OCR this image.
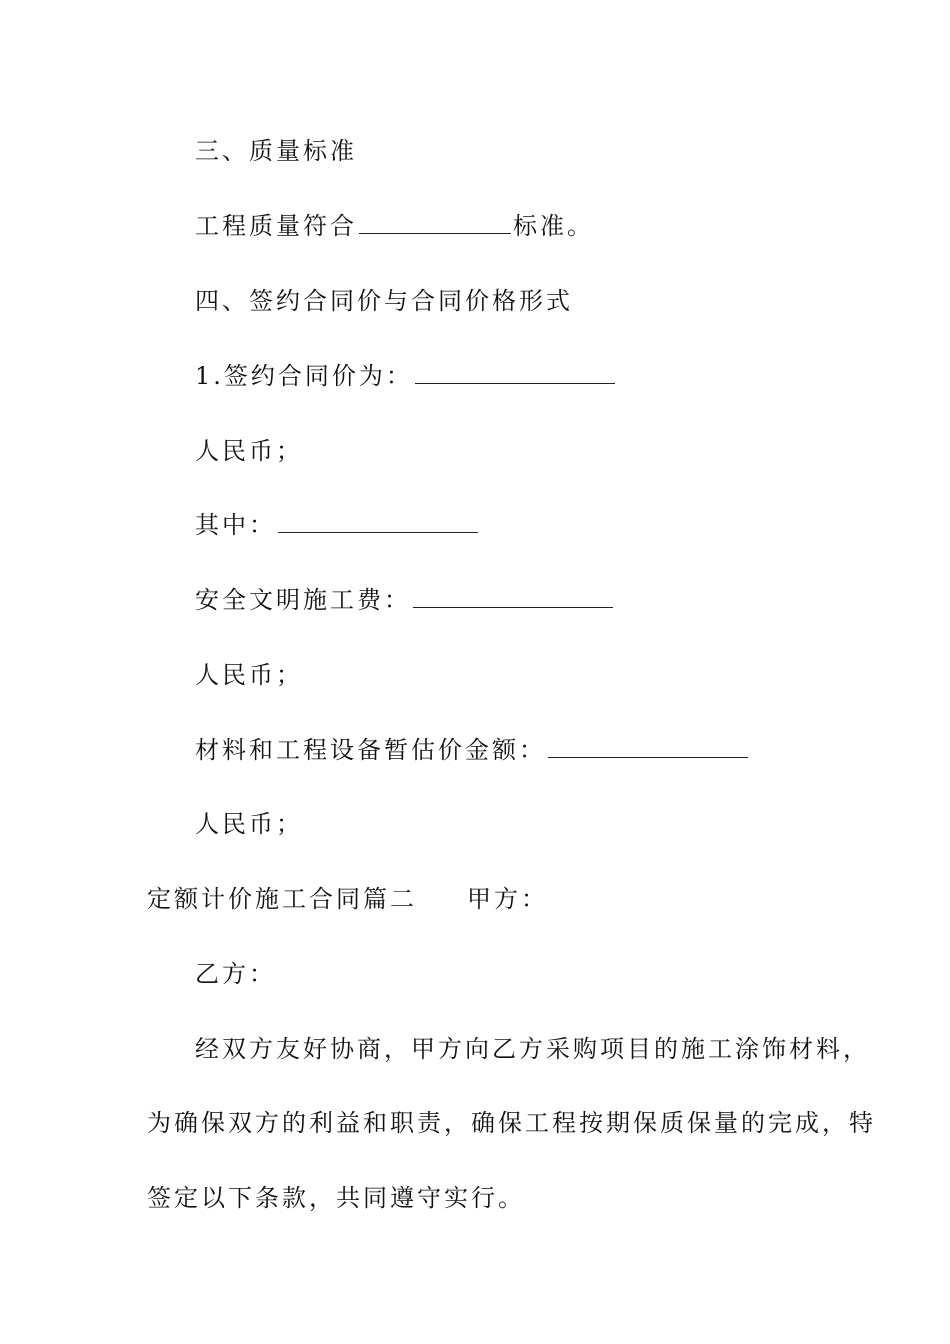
三、质量标准
工程质量符合	标准。
四、签约合同价与合同价格形式
1.签约合同价为：
人民币；
其中：
安全文明施工费：
人民币；
材料和工程设备暂估价金额：
人民币；
定额计价施工合同篇二 甲方：
乙方：
经双方友好协商，甲方向乙方采购项目的施工涂饰材料，
为确保双方的利益和职责，确保工程按期保质保量的完成，特
签定以下条款，共同遵守实行。
